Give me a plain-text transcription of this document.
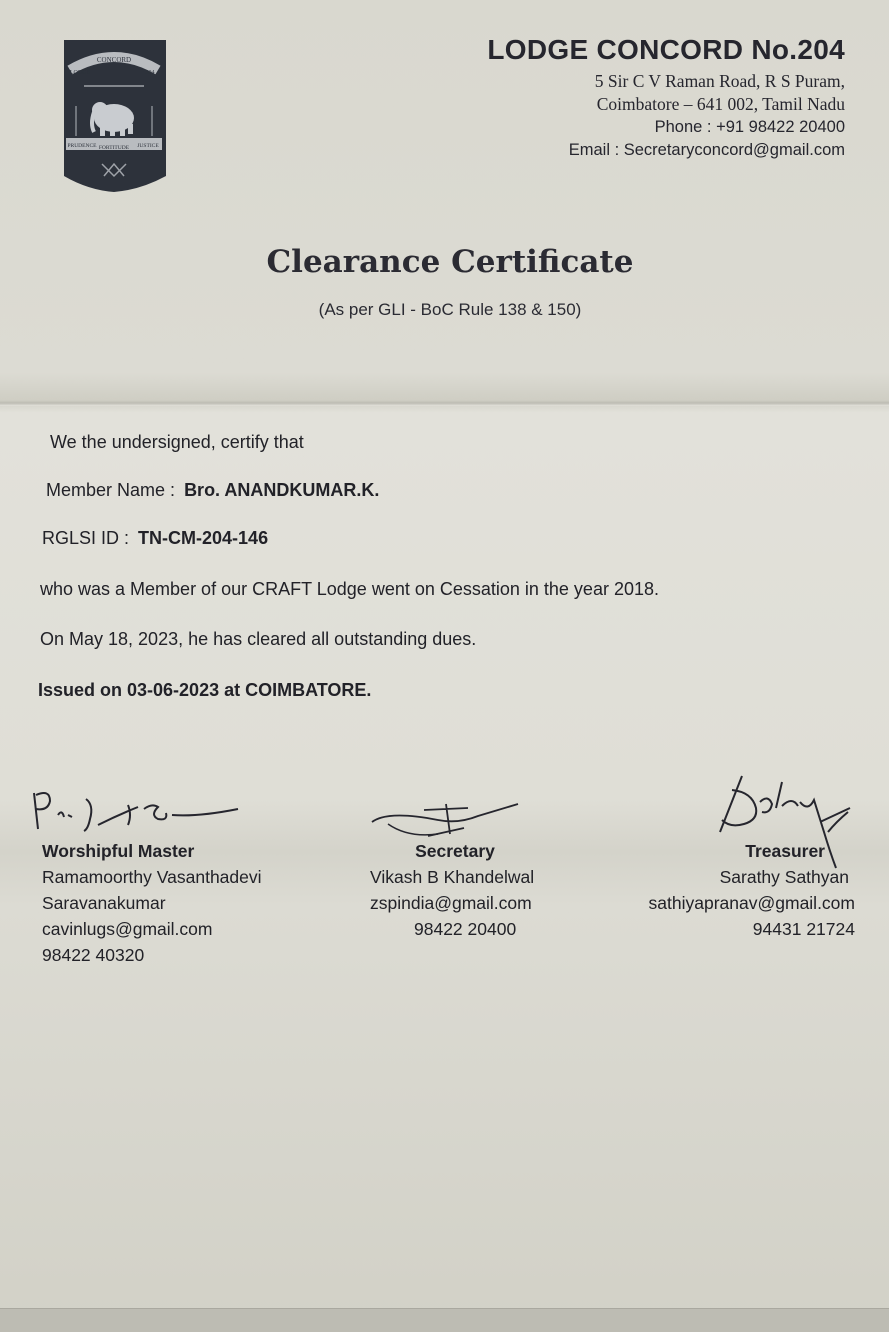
CONCORD
LODGE	204
PRUDENCE FORTITUDE JUSTICE
LODGE CONCORD No.204
5 Sir C V Raman Road, R S Puram,
Coimbatore – 641 002, Tamil Nadu
Phone : +91 98422 20400
Email : Secretaryconcord@gmail.com
Clearance Certificate
(As per GLI - BoC Rule 138 & 150)
We the undersigned, certify that
Member Name : Bro. ANANDKUMAR.K.
RGLSI ID : TN-CM-204-146
who was a Member of our CRAFT Lodge went on Cessation in the year 2018.
On May 18, 2023, he has cleared all outstanding dues.
Issued on 03-06-2023 at COIMBATORE.
Worshipful Master
Ramamoorthy Vasanthadevi
Saravanakumar
cavinlugs@gmail.com
98422 40320
Secretary
Vikash B Khandelwal
zspindia@gmail.com
98422 20400
Treasurer
Sarathy Sathyan
sathiyapranav@gmail.com
94431 21724
